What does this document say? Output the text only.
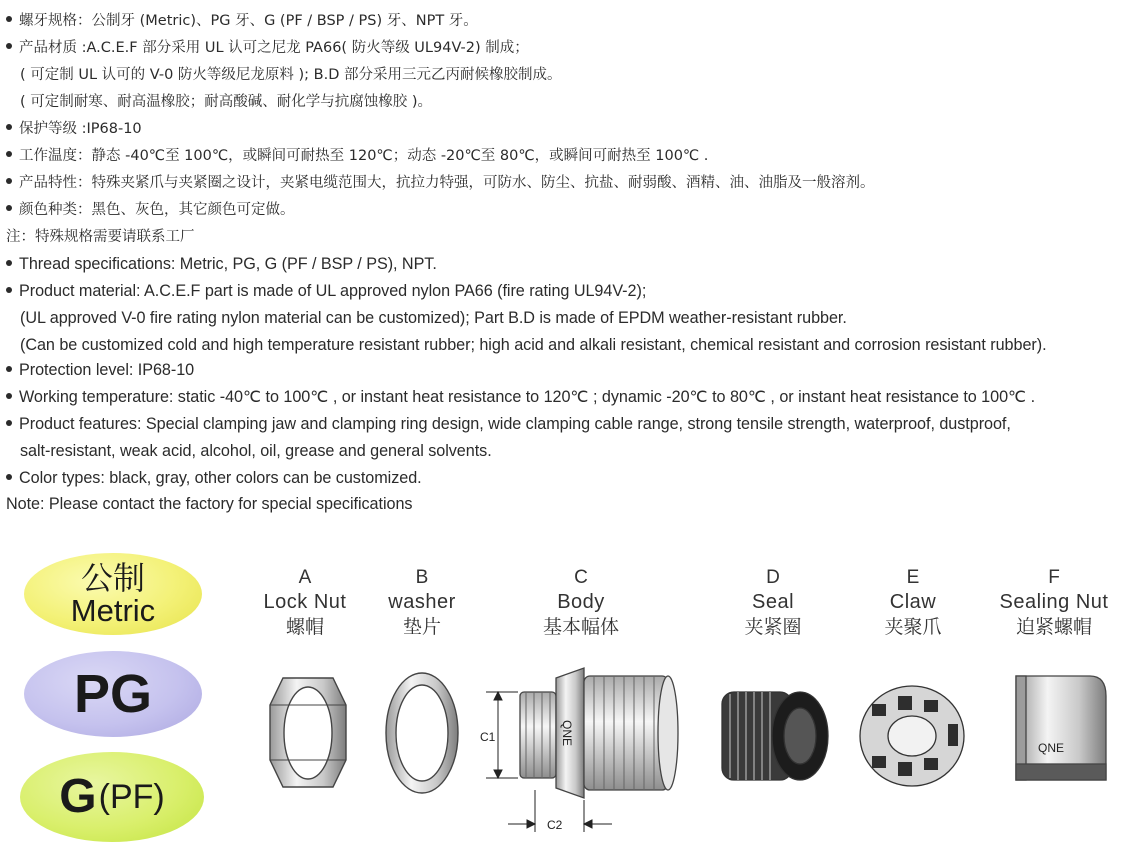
螺牙规格：公制牙 (Metric)、PG 牙、G (PF / BSP / PS) 牙、NPT 牙。
产品材质 :A.C.E.F 部分采用 UL 认可之尼龙 PA66( 防火等级 UL94V-2) 制成；
( 可定制 UL 认可的 V-0 防火等级尼龙原料 ); B.D 部分采用三元乙丙耐候橡胶制成。
( 可定制耐寒、耐高温橡胶；耐高酸碱、耐化学与抗腐蚀橡胶 )。
保护等级 :IP68-10
工作温度：静态 -40℃至 100℃，或瞬间可耐热至 120℃；动态 -20℃至 80℃，或瞬间可耐热至 100℃ .
产品特性：特殊夹紧爪与夹紧圈之设计，夹紧电缆范围大，抗拉力特强，可防水、防尘、抗盐、耐弱酸、酒精、油、油脂及一般溶剂。
颜色种类：黑色、灰色，其它颜色可定做。
注：特殊规格需要请联系工厂
Thread specifications: Metric, PG, G (PF / BSP / PS), NPT.
Product material: A.C.E.F part is made of UL approved nylon PA66 (fire rating UL94V-2);
(UL approved V-0 fire rating nylon material can be customized); Part B.D is made of EPDM weather-resistant rubber.
(Can be customized cold and high temperature resistant rubber; high acid and alkali resistant, chemical resistant and corrosion resistant rubber).
Protection level: IP68-10
Working temperature: static -40℃ to 100℃ , or instant heat resistance to 120℃ ; dynamic -20℃ to 80℃ , or instant heat resistance to 100℃ .
Product features: Special clamping jaw and clamping ring design, wide clamping cable range, strong tensile strength, waterproof, dustproof,
salt-resistant, weak acid, alcohol, oil, grease and general solvents.
Color types: black, gray, other colors can be customized.
Note: Please contact the factory for special specifications
公制
Metric
PG
G (PF)
A
Lock Nut
螺帽
B
washer
垫片
C
Body
基本幅体
D
Seal
夹紧圈
E
Claw
夹聚爪
F
Sealing Nut
迫紧螺帽
QNE
C1
C2
QNE
